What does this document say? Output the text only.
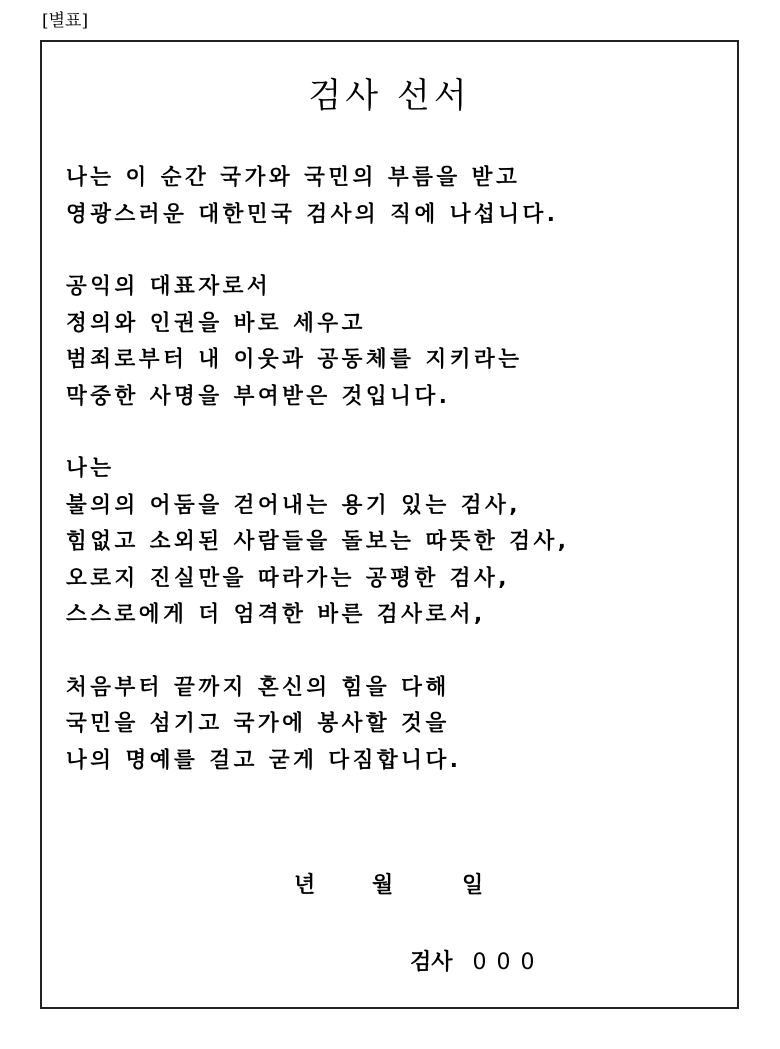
[별표]
검사 선서
나는 이 순간 국가와 국민의 부름을 받고
영광스러운 대한민국 검사의 직에 나섭니다.
공익의 대표자로서
정의와 인권을 바로 세우고
범죄로부터 내 이웃과 공동체를 지키라는
막중한 사명을 부여받은 것입니다.
나는
불의의 어둠을 걷어내는 용기 있는 검사,
힘없고 소외된 사람들을 돌보는 따뜻한 검사,
오로지 진실만을 따라가는 공평한 검사,
스스로에게 더 엄격한 바른 검사로서,
처음부터 끝까지 혼신의 힘을 다해
국민을 섬기고 국가에 봉사할 것을
나의 명예를 걸고 굳게 다짐합니다.
년	월	일
검사 000
